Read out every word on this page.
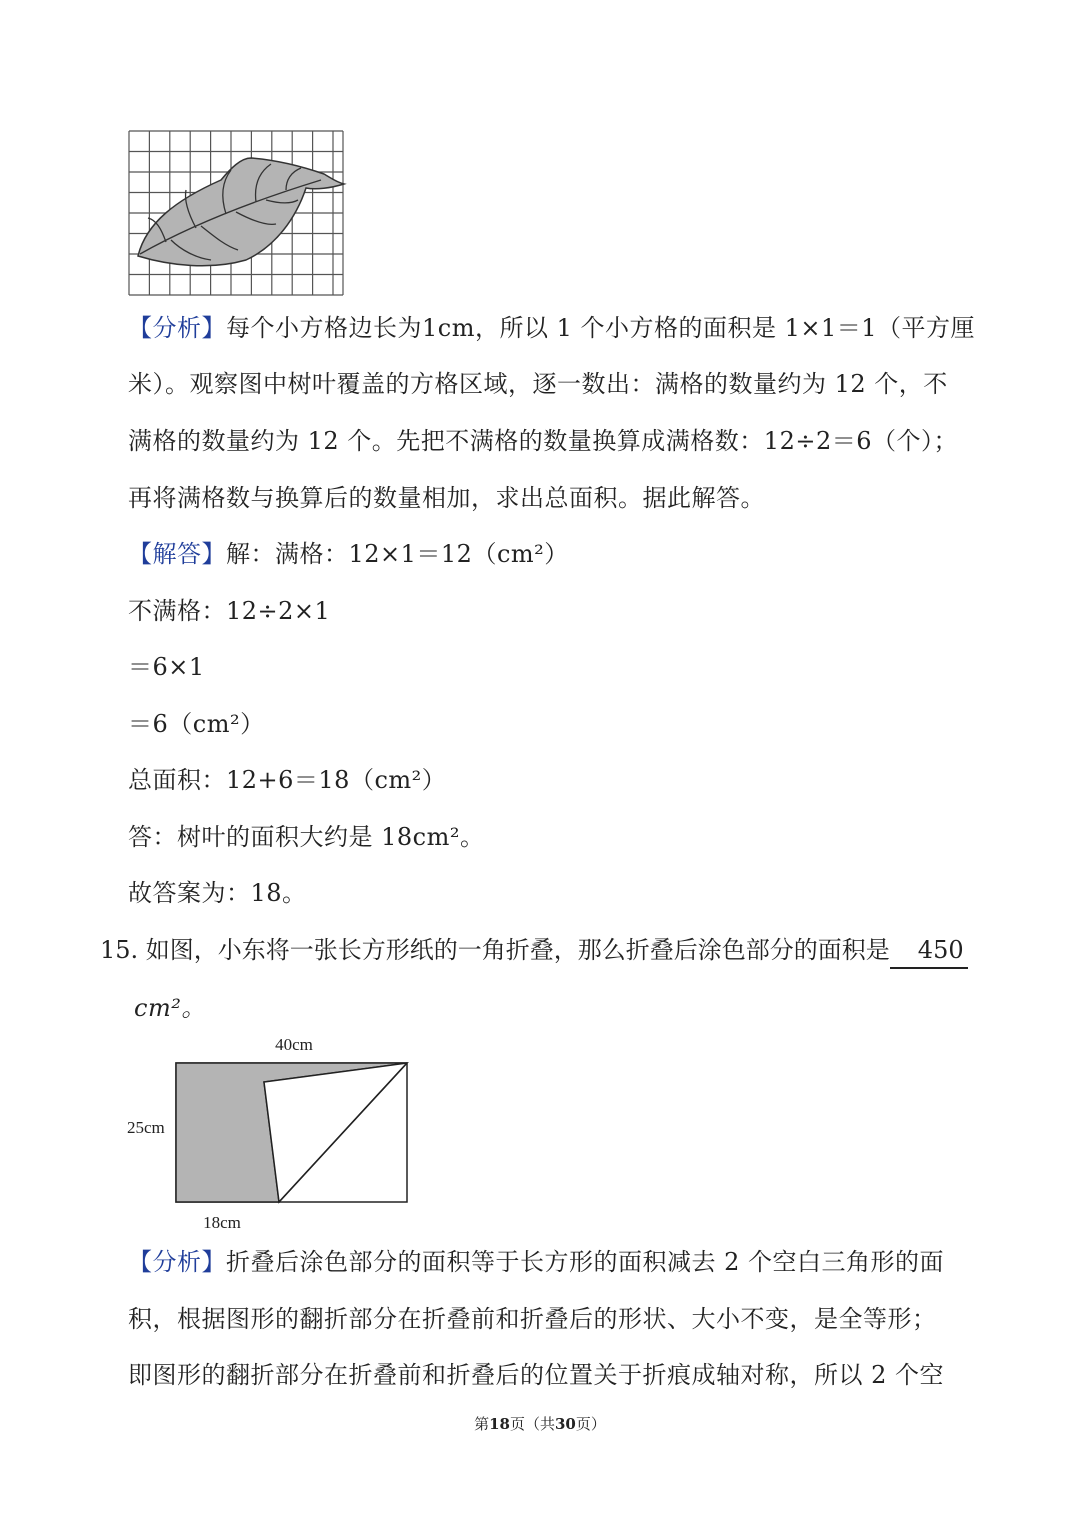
【分析】每个小方格边长为1cm，所以 1 个小方格的面积是 1×1＝1（平方厘
米）。观察图中树叶覆盖的方格区域，逐一数出：满格的数量约为 12 个，不
满格的数量约为 12 个。先把不满格的数量换算成满格数：12÷2＝6（个）；
再将满格数与换算后的数量相加，求出总面积。据此解答。
【解答】解：满格：12×1＝12（cm²）
不满格：12÷2×1
＝6×1
＝6（cm²）
总面积：12+6＝18（cm²）
答：树叶的面积大约是 18cm²。
故答案为：18。
15. 如图，小东将一张长方形纸的一角折叠，那么折叠后涂色部分的面积是 450
cm²。
40cm
25cm
18cm
【分析】折叠后涂色部分的面积等于长方形的面积减去 2 个空白三角形的面
积，根据图形的翻折部分在折叠前和折叠后的形状、大小不变，是全等形；
即图形的翻折部分在折叠前和折叠后的位置关于折痕成轴对称，所以 2 个空
第18页（共30页）
